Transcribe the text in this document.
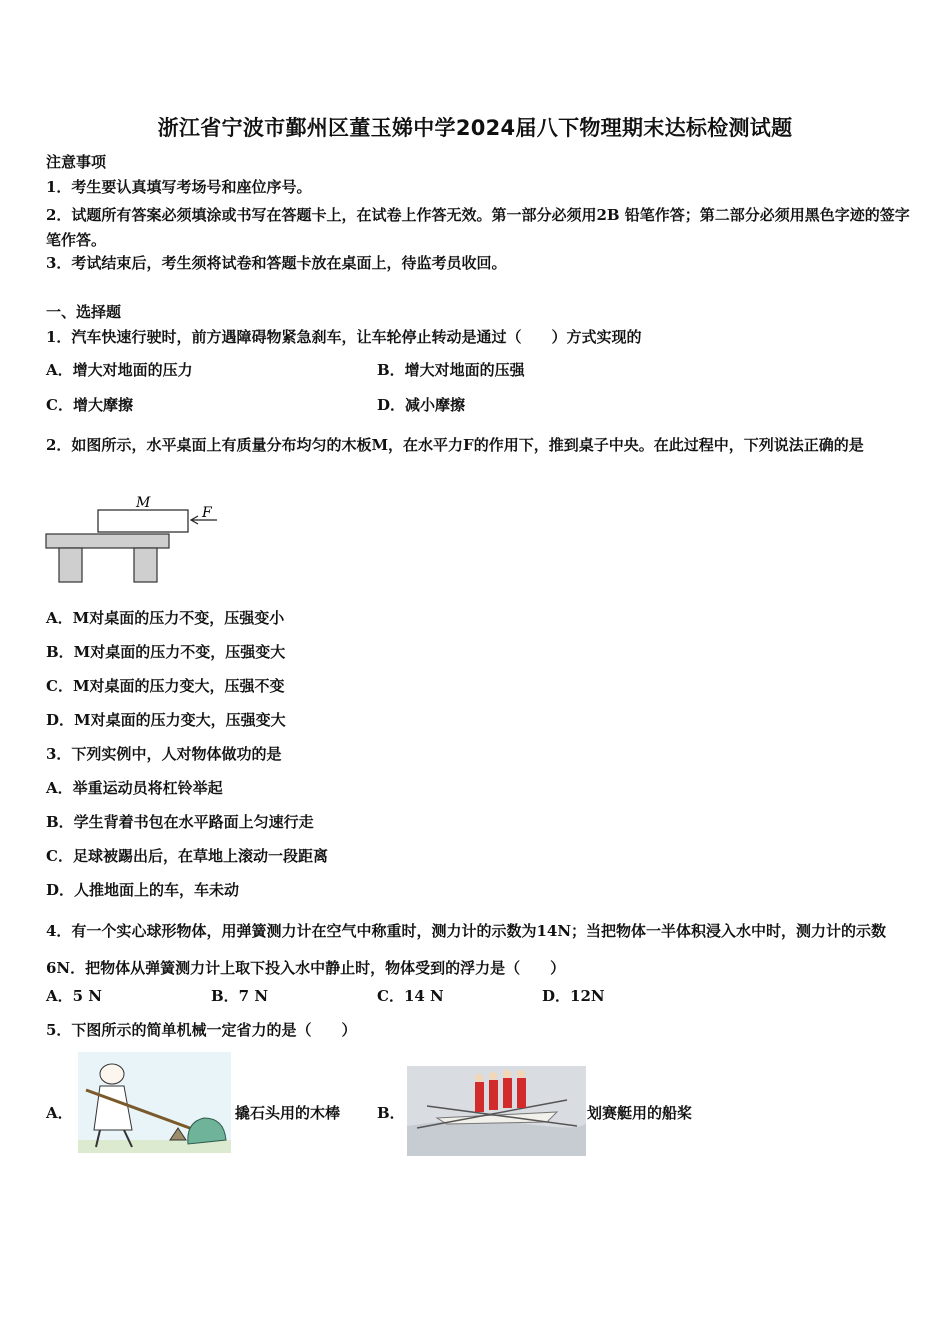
浙江省宁波市鄞州区董玉娣中学2024届八下物理期末达标检测试题
注意事项
1．考生要认真填写考场号和座位序号。
2．试题所有答案必须填涂或书写在答题卡上，在试卷上作答无效。第一部分必须用2B 铅笔作答；第二部分必须用黑色字迹的签字笔作答。
3．考试结束后，考生须将试卷和答题卡放在桌面上，待监考员收回。
一、选择题
1．汽车快速行驶时，前方遇障碍物紧急刹车，让车轮停止转动是通过（　　）方式实现的
A．增大对地面的压力	B．增大对地面的压强
C．增大摩擦	D．减小摩擦
2．如图所示，水平桌面上有质量分布均匀的木板M，在水平力F的作用下，推到桌子中央。在此过程中，下列说法正确的是
M
F
A．M对桌面的压力不变，压强变小
B．M对桌面的压力不变，压强变大
C．M对桌面的压力变大，压强不变
D．M对桌面的压力变大，压强变大
3．下列实例中，人对物体做功的是
A．举重运动员将杠铃举起
B．学生背着书包在水平路面上匀速行走
C．足球被踢出后，在草地上滚动一段距离
D．人推地面上的车，车未动
4．有一个实心球形物体，用弹簧测力计在空气中称重时，测力计的示数为14N；当把物体一半体积浸入水中时，测力计的示数6N．把物体从弹簧测力计上取下投入水中静止时，物体受到的浮力是（　　）
A．5 N	B．7 N	C．14 N	D．12N
5．下图所示的简单机械一定省力的是（　　）
A．	撬石头用的木棒 B．	划赛艇用的船桨
